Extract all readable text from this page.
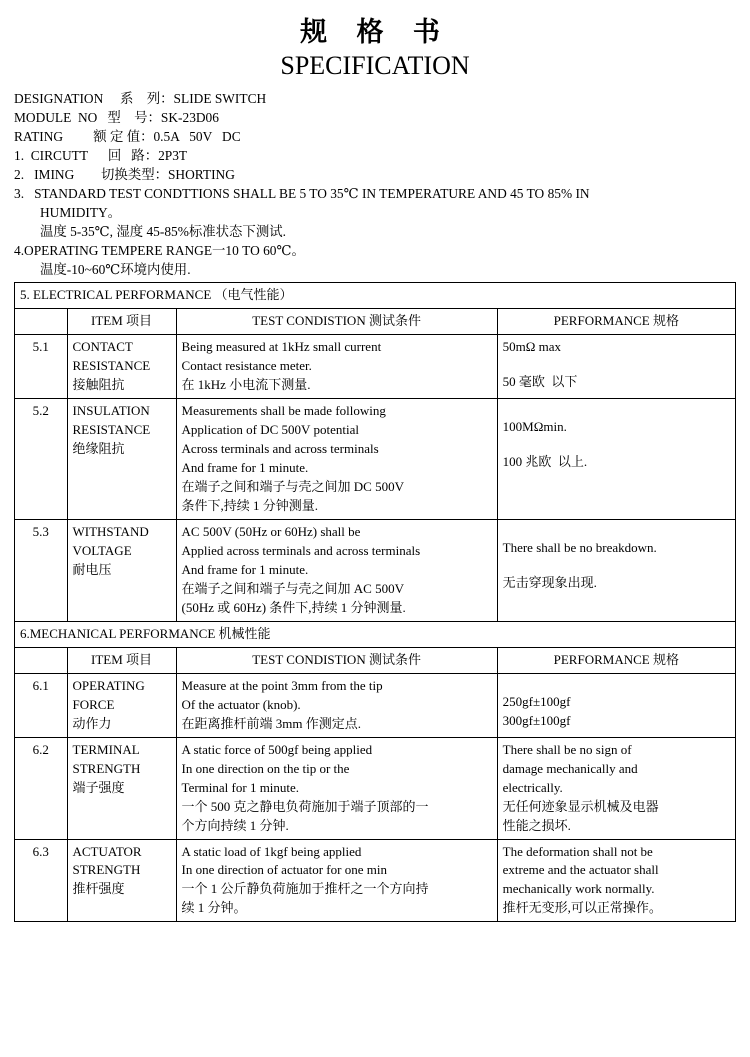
规 格 书
SPECIFICATION
DESIGNATION     系    列：SLIDE SWITCH
MODULE  NO   型    号：SK-23D06
RATING         额 定 值：0.5A   50V   DC
1.  CIRCUTT      回   路：2P3T
2.   IMING        切换类型：SHORTING
3.   STANDARD TEST CONDTTIONS SHALL BE 5 TO 35℃ IN TEMPERATURE AND 45 TO 85% IN
HUMIDITY。
温度 5-35℃, 湿度 45-85%标准状态下测试.
4.OPERATING TEMPERE RANGE一10 TO 60℃。
温度-10~60℃环境内使用.
5. ELECTRICAL PERFORMANCE （电气性能）			
	ITEM 项目	TEST CONDISTION 测试条件	PERFORMANCE 规格
5.1	CONTACT
RESISTANCE
接触阻抗

Being measured at 1kHz small current
Contact resistance meter.
在 1kHz 小电流下测量.

50mΩ max
50 毫欧  以下

5.2	INSULATION
RESISTANCE
绝缘阻抗

Measurements shall be made following
Application of DC 500V potential
Across terminals and across terminals
And frame for 1 minute.
在端子之间和端子与壳之间加 DC 500V
条件下,持续 1 分钟测量.

100MΩmin.
100 兆欧  以上.

5.3	WITHSTAND
VOLTAGE
耐电压

AC 500V (50Hz or 60Hz) shall be
Applied across terminals and across terminals
And frame for 1 minute.
在端子之间和端子与壳之间加 AC 500V
(50Hz 或 60Hz) 条件下,持续 1 分钟测量.

There shall be no breakdown.
无击穿现象出现.

6.MECHANICAL PERFORMANCE 机械性能			
	ITEM 项目	TEST CONDISTION 测试条件	PERFORMANCE 规格
6.1	OPERATING
FORCE
动作力

Measure at the point 3mm from the tip
Of the actuator (knob).
在距离推杆前端 3mm 作测定点.

250gf±100gf
300gf±100gf

6.2	TERMINAL
STRENGTH
端子强度

A static force of 500gf being applied
In one direction on the tip or the
Terminal for 1 minute.
一个 500 克之静电负荷施加于端子顶部的一
个方向持续 1 分钟.

There shall be no sign of
damage mechanically and
electrically.
无任何迹象显示机械及电器
性能之损坏.

6.3	ACTUATOR
STRENGTH
推杆强度

A static load of 1kgf being applied
In one direction of actuator for one min
一个 1 公斤静负荷施加于推杆之一个方向持
续 1 分钟。

The deformation shall not be
extreme and the actuator shall
mechanically work normally.
推杆无变形,可以正常操作。
